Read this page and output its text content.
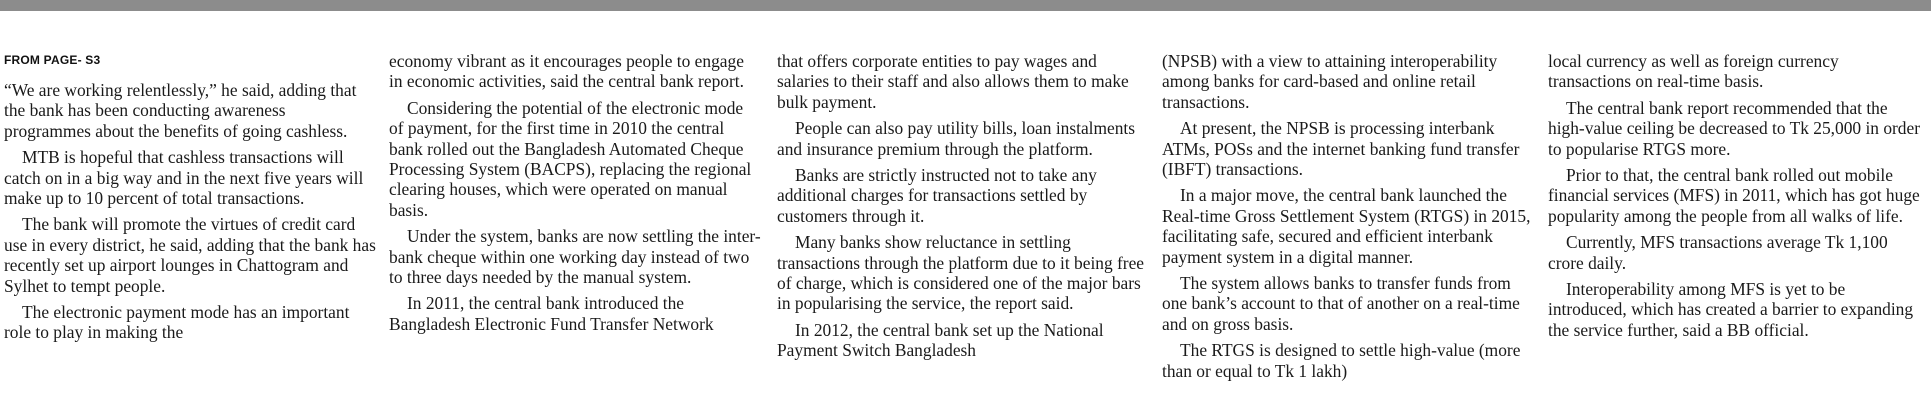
FROM PAGE- S3

“We are working relentlessly,” he said, adding that the bank has been conducting awareness programmes about the benefits of going cashless.

MTB is hopeful that cashless transactions will catch on in a big way and in the next five years will make up to 10 percent of total transactions.

The bank will promote the virtues of credit card use in every district, he said, adding that the bank has recently set up airport lounges in Chattogram and Sylhet to tempt people.

The electronic payment mode has an important role to play in making the

economy vibrant as it encourages people to engage in economic activities, said the central bank report.

Considering the potential of the electronic mode of payment, for the first time in 2010 the central bank rolled out the Bangladesh Automated Cheque Processing System (BACPS), replacing the regional clearing houses, which were operated on manual basis.

Under the system, banks are now settling the inter-bank cheque within one working day instead of two to three days needed by the manual system.

In 2011, the central bank introduced the Bangladesh Electronic Fund Transfer Network

that offers corporate entities to pay wages and salaries to their staff and also allows them to make bulk payment.

People can also pay utility bills, loan instalments and insurance premium through the platform.

Banks are strictly instructed not to take any additional charges for transactions settled by customers through it.

Many banks show reluctance in settling transactions through the platform due to it being free of charge, which is considered one of the major bars in popularising the service, the report said.

In 2012, the central bank set up the National Payment Switch Bangladesh

(NPSB) with a view to attaining interoperability among banks for card-based and online retail transactions.

At present, the NPSB is processing interbank ATMs, POSs and the internet banking fund transfer (IBFT) transactions.

In a major move, the central bank launched the Real-time Gross Settlement System (RTGS) in 2015, facilitating safe, secured and efficient interbank payment system in a digital manner.

The system allows banks to transfer funds from one bank’s account to that of another on a real-time and on gross basis.

The RTGS is designed to settle high-value (more than or equal to Tk 1 lakh)

local currency as well as foreign currency transactions on real-time basis.

The central bank report recommended that the high-value ceiling be decreased to Tk 25,000 in order to popularise RTGS more.

Prior to that, the central bank rolled out mobile financial services (MFS) in 2011, which has got huge popularity among the people from all walks of life.

Currently, MFS transactions average Tk 1,100 crore daily.

Interoperability among MFS is yet to be introduced, which has created a barrier to expanding the service further, said a BB official.
